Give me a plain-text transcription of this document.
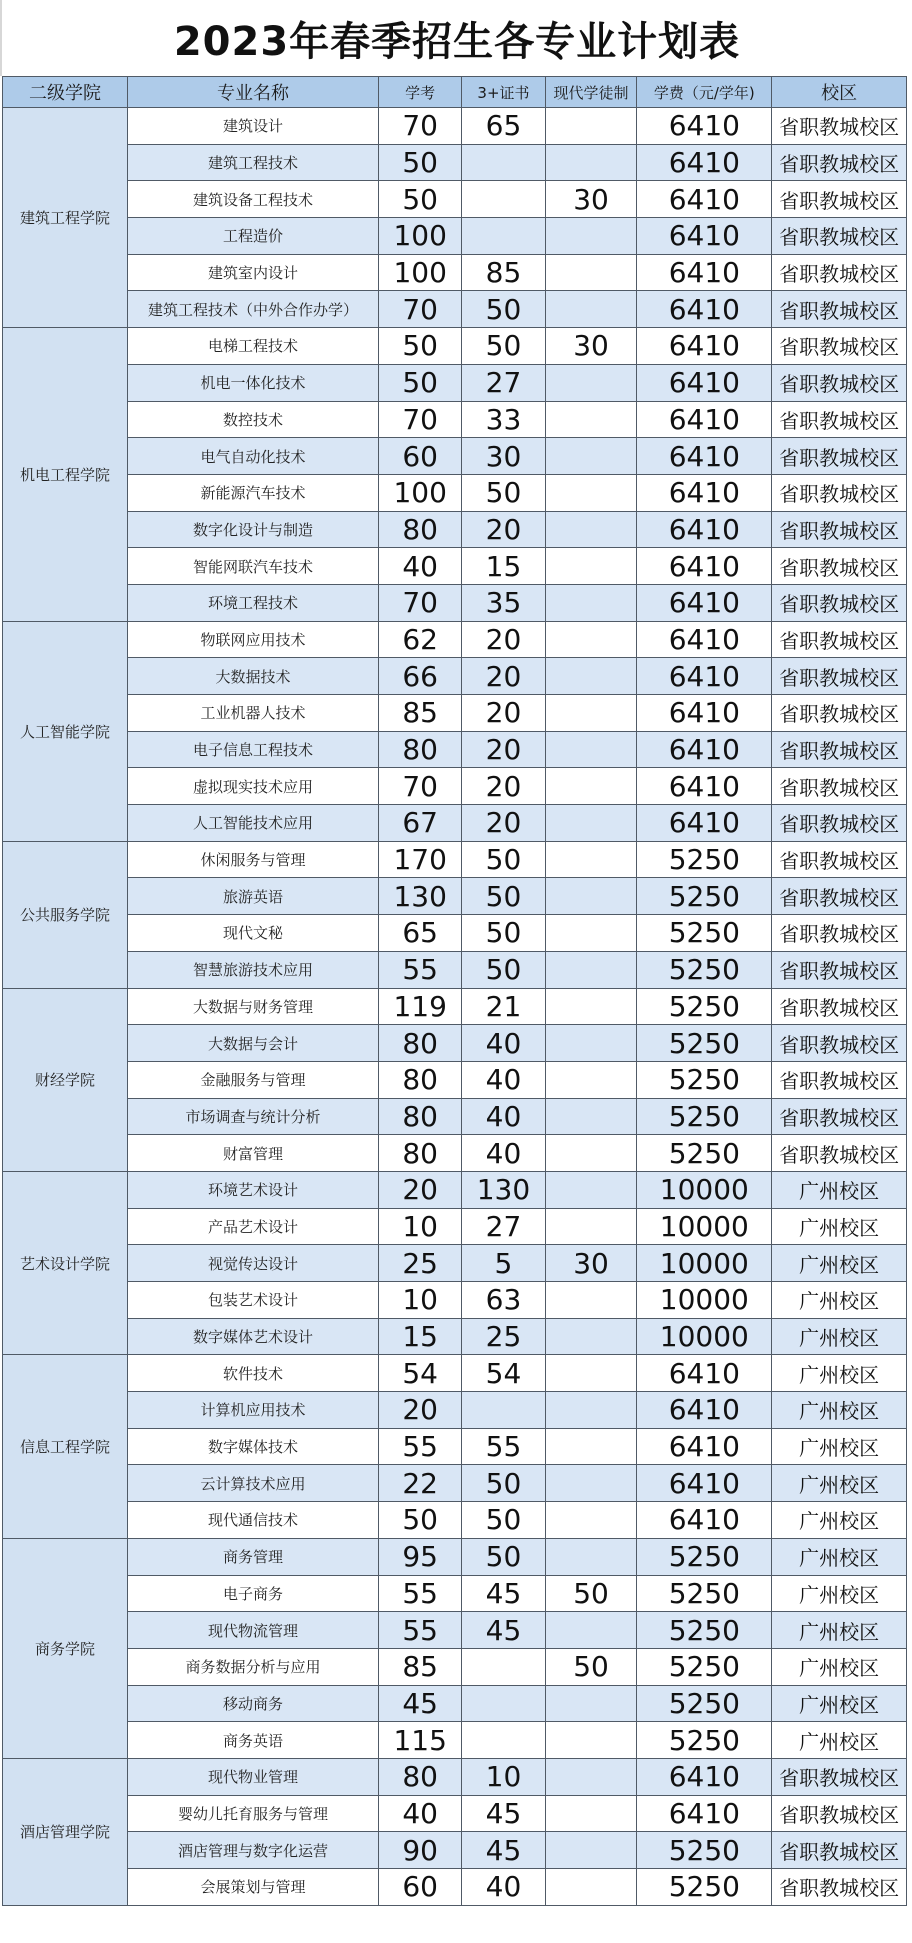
2023年春季招生各专业计划表
二级学院	专业名称	学考	3+证书	现代学徒制	学费（元/学年)	校区
建筑工程学院	建筑设计	70	65		6410	省职教城校区
	建筑工程技术	50			6410	省职教城校区
	建筑设备工程技术	50		30	6410	省职教城校区
	工程造价	100			6410	省职教城校区
	建筑室内设计	100	85		6410	省职教城校区
	建筑工程技术（中外合作办学）	70	50		6410	省职教城校区
机电工程学院	电梯工程技术	50	50	30	6410	省职教城校区
	机电一体化技术	50	27		6410	省职教城校区
	数控技术	70	33		6410	省职教城校区
	电气自动化技术	60	30		6410	省职教城校区
	新能源汽车技术	100	50		6410	省职教城校区
	数字化设计与制造	80	20		6410	省职教城校区
	智能网联汽车技术	40	15		6410	省职教城校区
	环境工程技术	70	35		6410	省职教城校区
人工智能学院	物联网应用技术	62	20		6410	省职教城校区
	大数据技术	66	20		6410	省职教城校区
	工业机器人技术	85	20		6410	省职教城校区
	电子信息工程技术	80	20		6410	省职教城校区
	虚拟现实技术应用	70	20		6410	省职教城校区
	人工智能技术应用	67	20		6410	省职教城校区
公共服务学院	休闲服务与管理	170	50		5250	省职教城校区
	旅游英语	130	50		5250	省职教城校区
	现代文秘	65	50		5250	省职教城校区
	智慧旅游技术应用	55	50		5250	省职教城校区
财经学院	大数据与财务管理	119	21		5250	省职教城校区
	大数据与会计	80	40		5250	省职教城校区
	金融服务与管理	80	40		5250	省职教城校区
	市场调查与统计分析	80	40		5250	省职教城校区
	财富管理	80	40		5250	省职教城校区
艺术设计学院	环境艺术设计	20	130		10000	广州校区
	产品艺术设计	10	27		10000	广州校区
	视觉传达设计	25	5	30	10000	广州校区
	包装艺术设计	10	63		10000	广州校区
	数字媒体艺术设计	15	25		10000	广州校区
信息工程学院	软件技术	54	54		6410	广州校区
	计算机应用技术	20			6410	广州校区
	数字媒体技术	55	55		6410	广州校区
	云计算技术应用	22	50		6410	广州校区
	现代通信技术	50	50		6410	广州校区
商务学院	商务管理	95	50		5250	广州校区
	电子商务	55	45	50	5250	广州校区
	现代物流管理	55	45		5250	广州校区
	商务数据分析与应用	85		50	5250	广州校区
	移动商务	45			5250	广州校区
	商务英语	115			5250	广州校区
酒店管理学院	现代物业管理	80	10		6410	省职教城校区
	婴幼儿托育服务与管理	40	45		6410	省职教城校区
	酒店管理与数字化运营	90	45		5250	省职教城校区
	会展策划与管理	60	40		5250	省职教城校区
